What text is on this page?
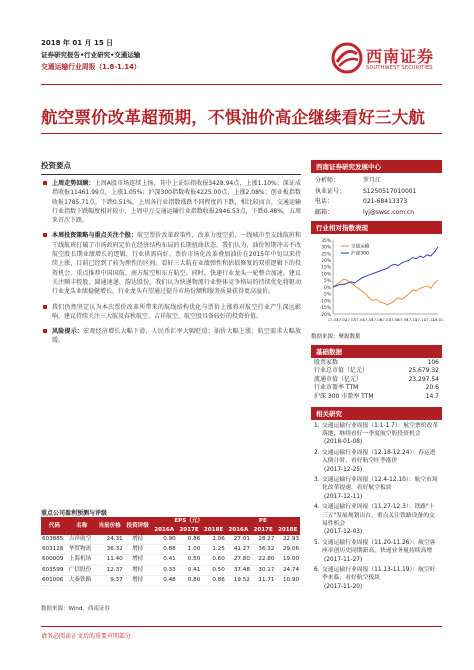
2018 年 01 月 15 日
证券研究报告•行业研究•交通运输
交通运输行业周报（1.8-1.14）
西南证券
SOUTHWEST SECURITIES
航空票价改革超预期，不惧油价高企继续看好三大航
投资要点
上周走势回顾：上周A股市场连续上扬，其中上证综指收报3428.94点，上涨1.10%；深证成指收报11461.99点，上涨1.05%；沪深300指数收报4225.00点，上涨2.08%；创业板指数收报1785.71点，下跌0.51%。上周各行业指数涨跌不同程度的下跌，相比较而言，交通运输行业指数下跌幅度相对较小，上周申万交通运输行业指数收报2946.53点，下跌0.48%，五周来首次下跌。
本周投资策略与重点关注个股：航空票价改革政策性，改革力度空前，一线城市至支线航班和干线航班打破了市场政府定价在经济结构布局的长期扭曲状态。我们认为，油价短期冲击不改航空股长期业绩增长的逻辑，行业供需向好，票价市场化改革叠加油价在2015年中旬以来持续上涨，目前已经到了较为理性的区间。看好三大航在业绩弹性和估值修复的双重逻辑下的投资机会。重点推荐中国国航、南方航空和东方航空。同时，快递行业龙头一轮整合加速，建议关注顺丰控股、圆通速递、韵达股份。我们认为快递物流行业整体竞争格局的持续优化将驱动行业龙头业绩稳健增长，行业龙头有望通过提升市场份额和服务质量获得更高溢价。
我们仍然坚定认为本次票价改革所带来的航线结构优化与票价上涨将对航空行业产生深远影响，建议持续关注三大航及春秋航空、吉祥航空，航空股具备较好的投资价值。
风险提示：宏观经济增长大幅下滑，人民币汇率大幅贬值；油价大幅上涨；航空需求大幅放缓。
重点公司盈利预测与评级
代码	名称	当前价格	投资评级	EPS（元）			PE		
				2016A	2017E	2018E	2016A	2017E	2018E
603885	吉祥航空	24.31	增持	0.90	0.86	1.06	27.01	28.27	22.93
603128	华贸物流	36.32	增持	0.88	1.00	1.25	41.27	36.32	29.06
600009	上海机场	11.40	增持	0.41	0.50	0.60	27.80	22.80	19.00
603599	广信股份	12.37	增持	0.33	0.41	0.50	37.48	30.17	24.74
601006	大秦铁路	9.37	增持	0.48	0.80	0.86	19.52	11.71	10.90
数据来源：Wind，西南证券
请务必阅读正文后的重要声明部分
西南证券研究发展中心
分析师：	罗月江
执业证号：	S1250517010001
电话：	021-68413373
邮箱：	lyj@swsc.com.cn
行业相对指数表现
35%
30%
25%
20%
15%
10%
5%
0%
-5%
-10%
-15%
-20%
17-01
17-02
17-03
17-04
17-05
17-06
17-07
17-08
17-09
17-10
17-11
17-12
18-01
交通运输
沪深300
数据来源：聚源数据
基础数据
股票家数	106
行业总市值（亿元）	25,679.32
流通市值（亿元）	23,297.54
行业市盈率 TTM	20.6
沪深 300 市盈率 TTM	14.7
相关研究
1. 交通运输行业周报（1.1-1.7）：航空票价改革落地，继续看好一季度航空股投资机会
(2018-01-08)
2. 交通运输行业周报（12.18-12.24）：春运进入倒计时，看好航空旺季涨价
(2017-12-25)
3. 交通运输行业周报（12.4-12.10）：航空市场化改革提速，看好航空板块
(2017-12-11)
4. 交通运输行业周报（11.27-12.3）：铁路"十三五"发展规划出台，重点关注铁路设备的交易性机会
(2017-12-03)
5. 交通运输行业周报（11.20-11.26）：航空客座率创历史同期新高，快递业务量持续高增
(2017-11-27)
6. 交通运输行业周报（11.13-11.19）：航空旺季来临，看好航空板块
(2017-11-20)
